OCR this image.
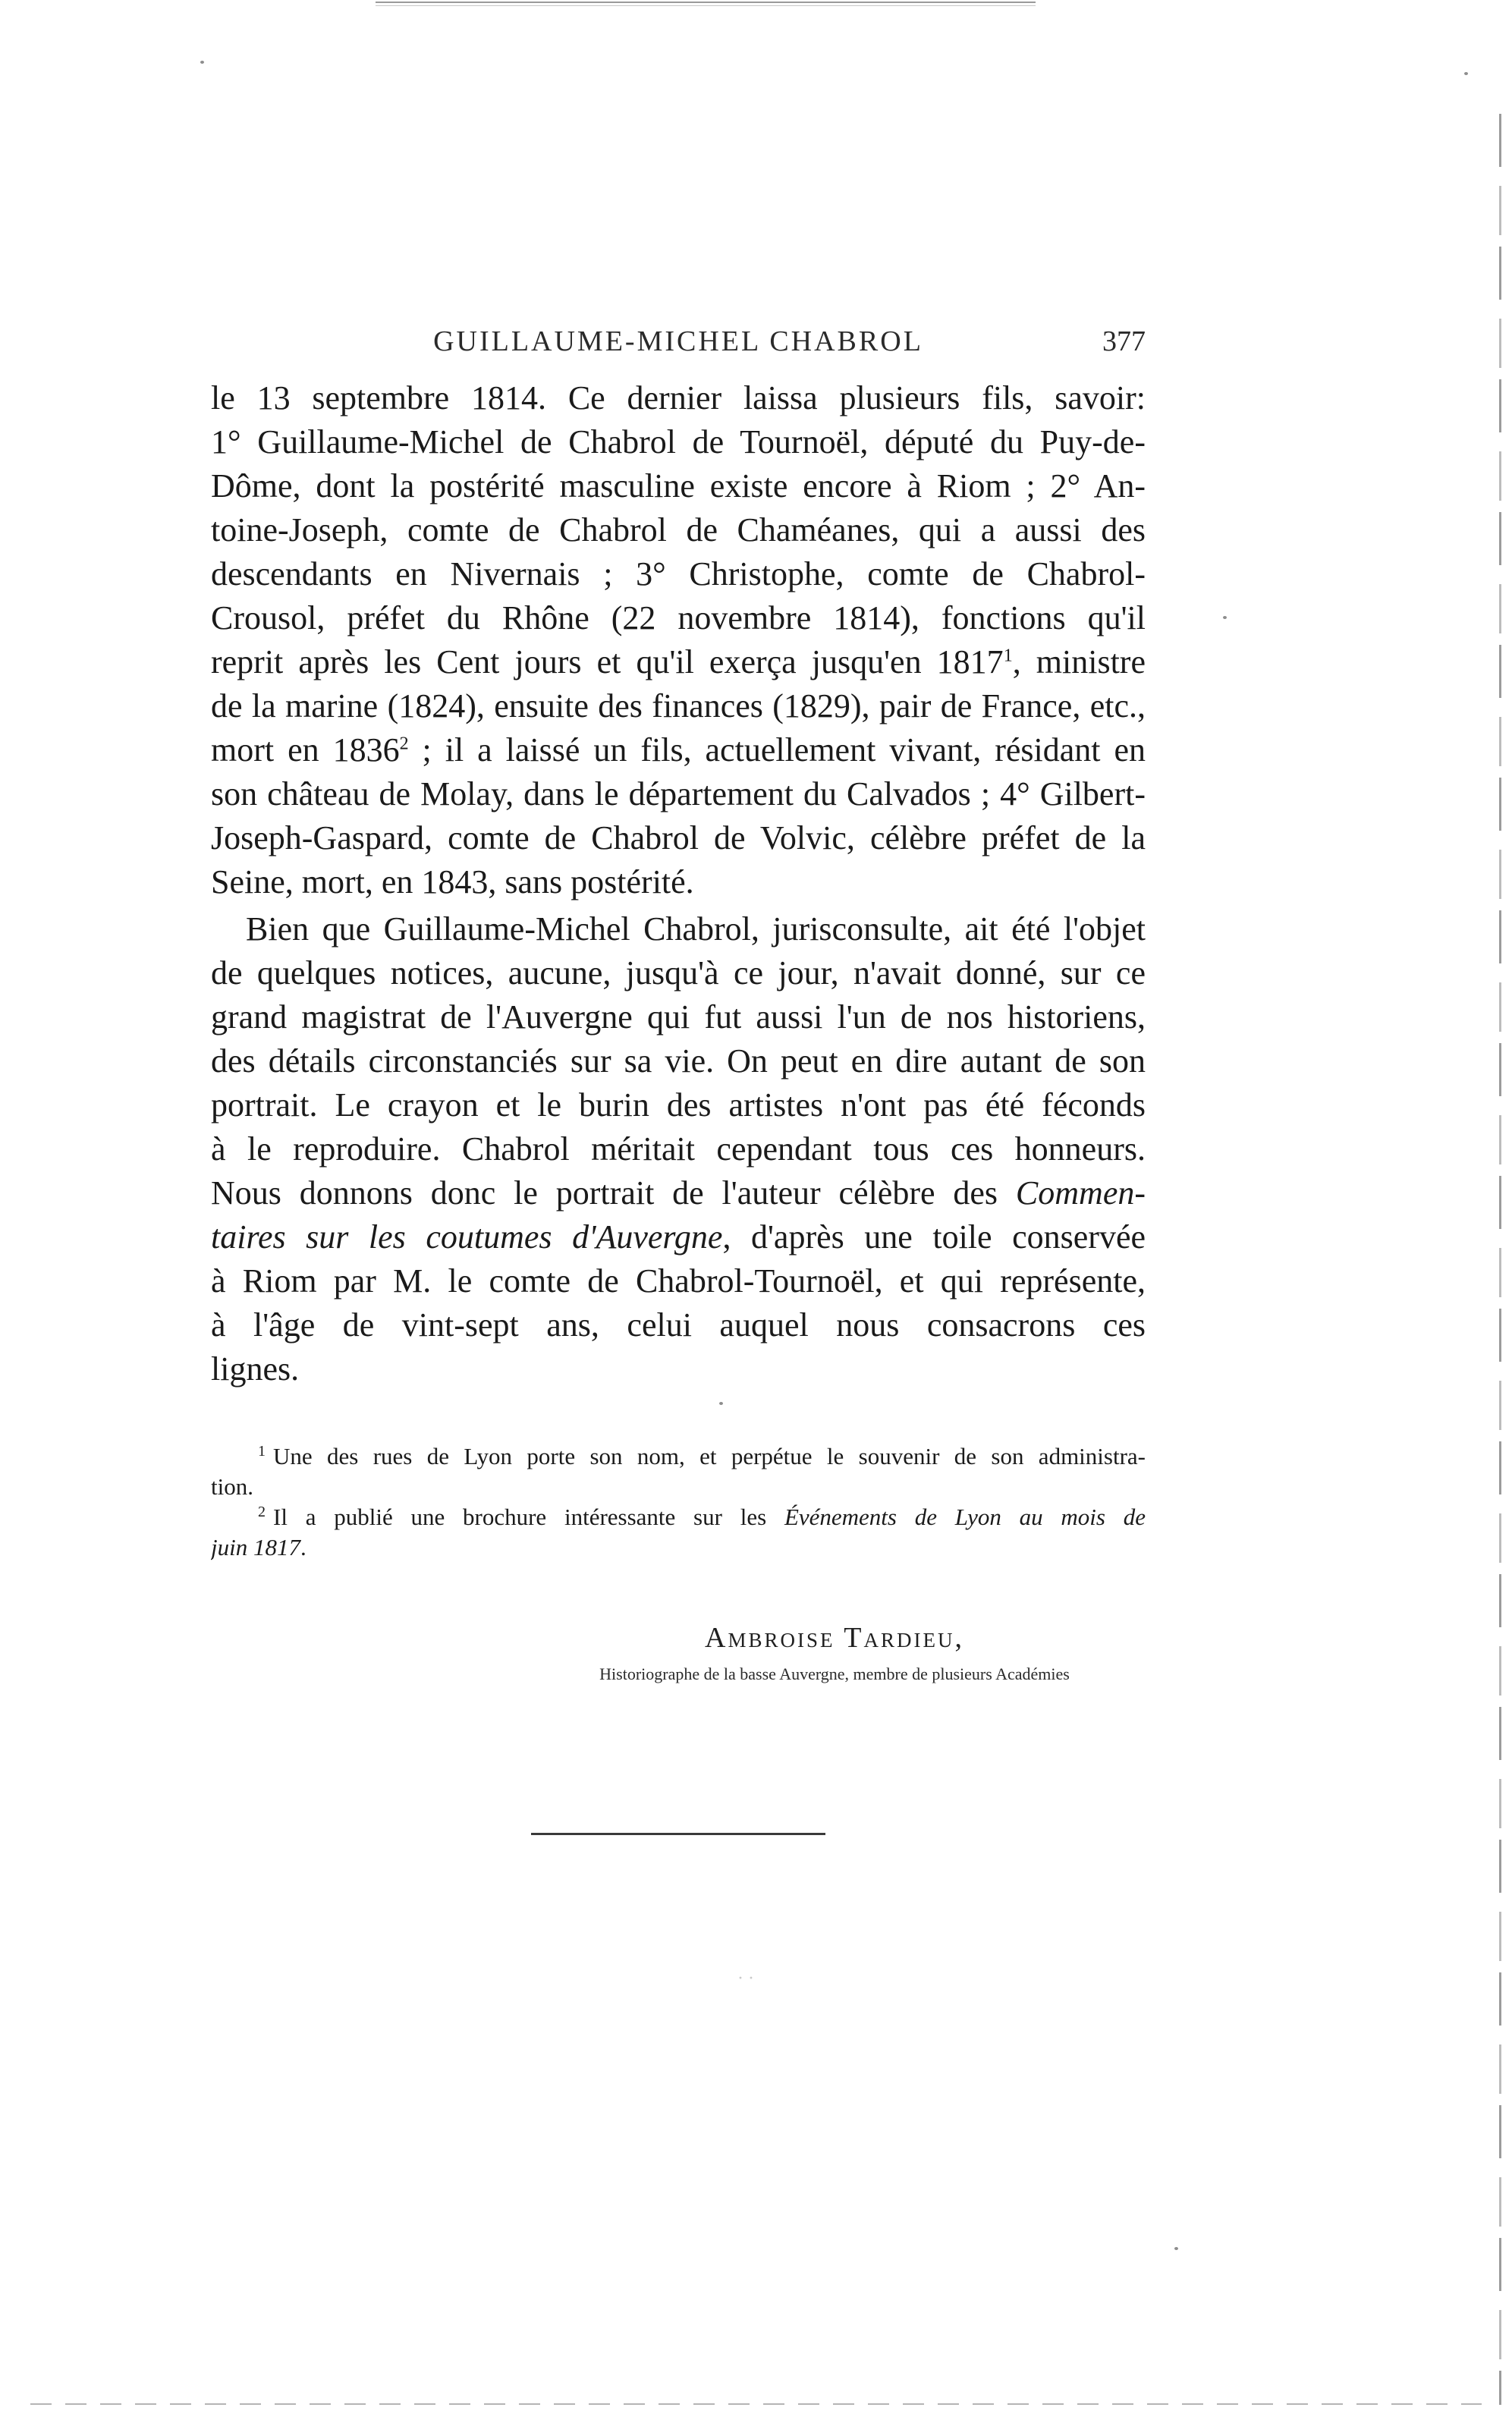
GUILLAUME-MICHEL CHABROL	377
le 13 septembre 1814. Ce dernier laissa plusieurs fils, savoir:
1° Guillaume-Michel de Chabrol de Tournoël, député du Puy-de-
Dôme, dont la postérité masculine existe encore à Riom ; 2° An-
toine-Joseph, comte de Chabrol de Chaméanes, qui a aussi des
descendants en Nivernais ; 3° Christophe, comte de Chabrol-
Crousol, préfet du Rhône (22 novembre 1814), fonctions qu'il
reprit après les Cent jours et qu'il exerça jusqu'en 1817$^1$, ministre
de la marine (1824), ensuite des finances (1829), pair de France, etc.,
mort en 1836$^2$ ; il a laissé un fils, actuellement vivant, résidant en
son château de Molay, dans le département du Calvados ; 4° Gilbert-
Joseph-Gaspard, comte de Chabrol de Volvic, célèbre préfet de la
Seine, mort, en 1843, sans postérité.
Bien que Guillaume-Michel Chabrol, jurisconsulte, ait été l'objet
de quelques notices, aucune, jusqu'à ce jour, n'avait donné, sur ce
grand magistrat de l'Auvergne qui fut aussi l'un de nos historiens,
des détails circonstanciés sur sa vie. On peut en dire autant de son
portrait. Le crayon et le burin des artistes n'ont pas été féconds
à le reproduire. Chabrol méritait cependant tous ces honneurs.
Nous donnons donc le portrait de l'auteur célèbre des Commen-
taires sur les coutumes d'Auvergne, d'après une toile conservée
à Riom par M. le comte de Chabrol-Tournoël, et qui représente,
à l'âge de vint-sept ans, celui auquel nous consacrons ces
lignes.
$^1$ Une des rues de Lyon porte son nom, et perpétue le souvenir de son administra-
tion.
$^2$ Il a publié une brochure intéressante sur les Événements de Lyon au mois de
juin 1817.
Ambroise Tardieu,
Historiographe de la basse Auvergne, membre de plusieurs Académies
· ·
